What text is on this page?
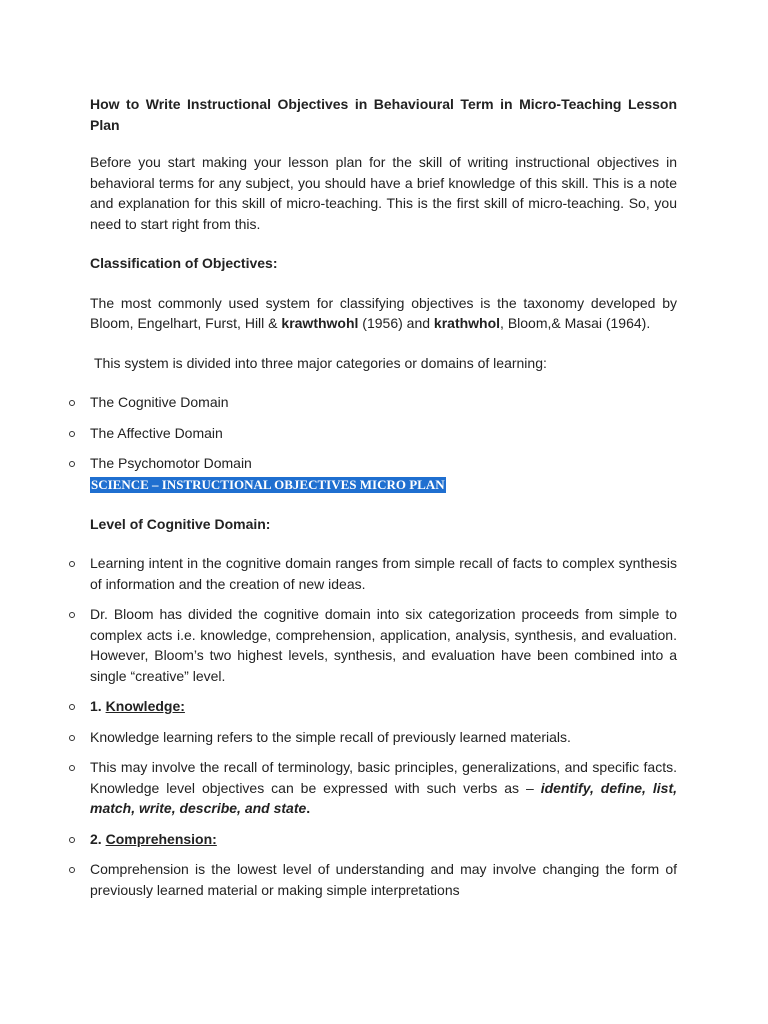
How to Write Instructional Objectives in Behavioural Term in Micro-Teaching Lesson Plan

Before you start making your lesson plan for the skill of writing instructional objectives in behavioral terms for any subject, you should have a brief knowledge of this skill. This is a note and explanation for this skill of micro-teaching. This is the first skill of micro-teaching. So, you need to start right from this.

Classification of Objectives:

The most commonly used system for classifying objectives is the taxonomy developed by Bloom, Engelhart, Furst, Hill & krawthwohl (1956) and krathwhol, Bloom,& Masai (1964).

This system is divided into three major categories or domains of learning:

The Cognitive Domain
The Affective Domain
The Psychomotor Domain
SCIENCE – INSTRUCTIONAL OBJECTIVES MICRO PLAN

Level of Cognitive Domain:

Learning intent in the cognitive domain ranges from simple recall of facts to complex synthesis of information and the creation of new ideas.
Dr. Bloom has divided the cognitive domain into six categorization proceeds from simple to complex acts i.e. knowledge, comprehension, application, analysis, synthesis, and evaluation. However, Bloom’s two highest levels, synthesis, and evaluation have been combined into a single “creative” level.
1. Knowledge:
Knowledge learning refers to the simple recall of previously learned materials.
This may involve the recall of terminology, basic principles, generalizations, and specific facts. Knowledge level objectives can be expressed with such verbs as – identify, define, list, match, write, describe, and state.
2. Comprehension:
Comprehension is the lowest level of understanding and may involve changing the form of previously learned material or making simple interpretations
